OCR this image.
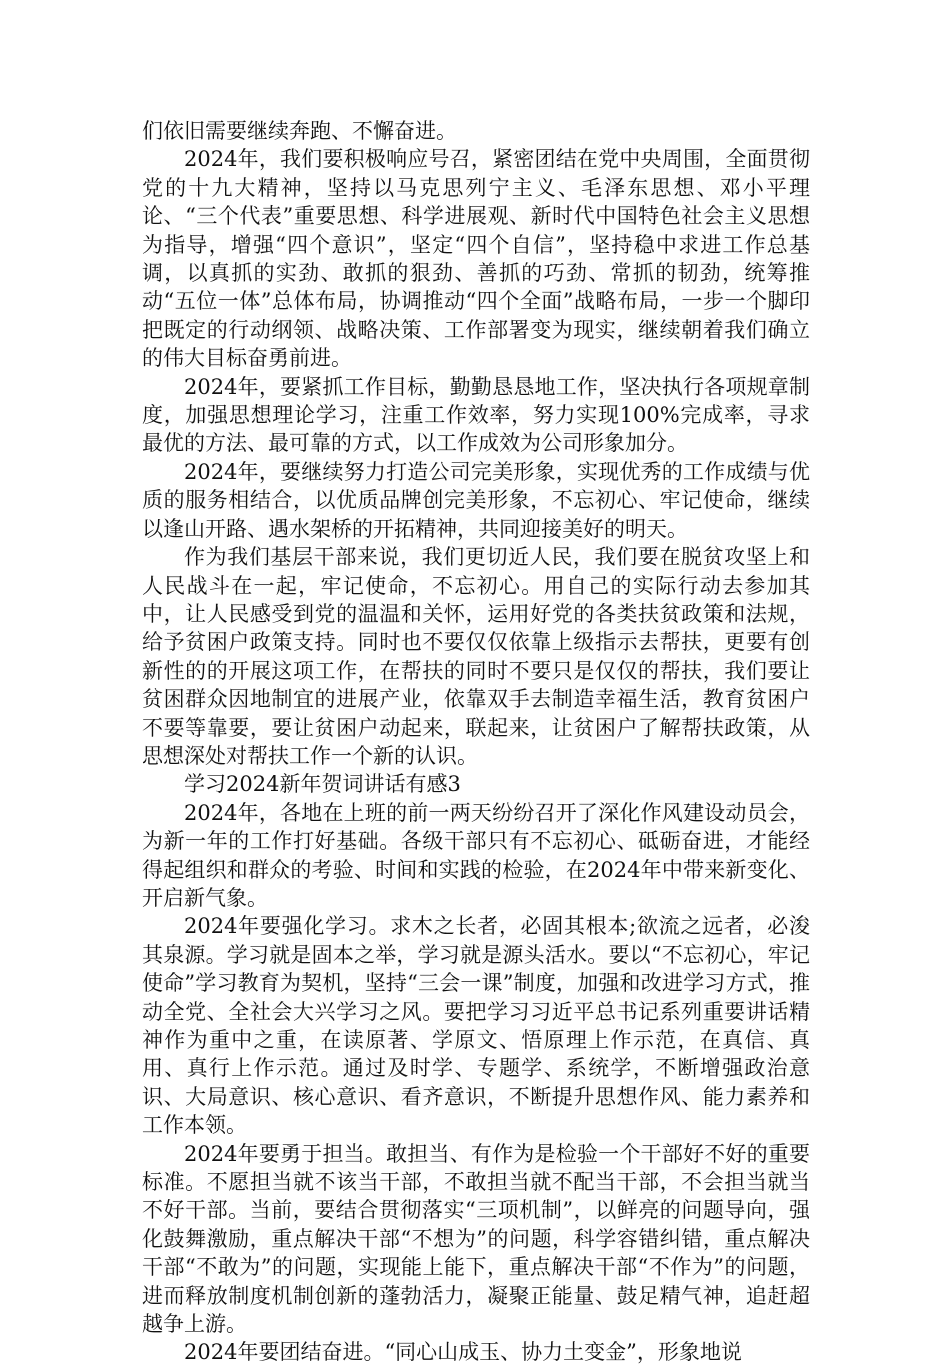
们依旧需要继续奔跑、不懈奋进。

2024年，我们要积极响应号召，紧密团结在党中央周围，全面贯彻党的十九大精神，坚持以马克思列宁主义、毛泽东思想、邓小平理论、“三个代表”重要思想、科学进展观、新时代中国特色社会主义思想为指导，增强“四个意识”，坚定“四个自信”，坚持稳中求进工作总基调，以真抓的实劲、敢抓的狠劲、善抓的巧劲、常抓的韧劲，统筹推动“五位一体”总体布局，协调推动“四个全面”战略布局，一步一个脚印把既定的行动纲领、战略决策、工作部署变为现实，继续朝着我们确立的伟大目标奋勇前进。

2024年，要紧抓工作目标，勤勤恳恳地工作，坚决执行各项规章制度，加强思想理论学习，注重工作效率，努力实现100%完成率，寻求最优的方法、最可靠的方式，以工作成效为公司形象加分。

2024年，要继续努力打造公司完美形象，实现优秀的工作成绩与优质的服务相结合，以优质品牌创完美形象，不忘初心、牢记使命，继续以逢山开路、遇水架桥的开拓精神，共同迎接美好的明天。

作为我们基层干部来说，我们更切近人民，我们要在脱贫攻坚上和人民战斗在一起，牢记使命，不忘初心。用自己的实际行动去参加其中，让人民感受到党的温温和关怀，运用好党的各类扶贫政策和法规，给予贫困户政策支持。同时也不要仅仅依靠上级指示去帮扶，更要有创新性的的开展这项工作，在帮扶的同时不要只是仅仅的帮扶，我们要让贫困群众因地制宜的进展产业，依靠双手去制造幸福生活，教育贫困户不要等靠要，要让贫困户动起来，联起来，让贫困户了解帮扶政策，从思想深处对帮扶工作一个新的认识。

学习2024新年贺词讲话有感3

2024年，各地在上班的前一两天纷纷召开了深化作风建设动员会，为新一年的工作打好基础。各级干部只有不忘初心、砥砺奋进，才能经得起组织和群众的考验、时间和实践的检验，在2024年中带来新变化、开启新气象。

2024年要强化学习。求木之长者，必固其根本;欲流之远者，必浚其泉源。学习就是固本之举，学习就是源头活水。要以“不忘初心，牢记使命”学习教育为契机，坚持“三会一课”制度，加强和改进学习方式，推动全党、全社会大兴学习之风。要把学习习近平总书记系列重要讲话精神作为重中之重，在读原著、学原文、悟原理上作示范，在真信、真用、真行上作示范。通过及时学、专题学、系统学，不断增强政治意识、大局意识、核心意识、看齐意识，不断提升思想作风、能力素养和工作本领。

2024年要勇于担当。敢担当、有作为是检验一个干部好不好的重要标准。不愿担当就不该当干部，不敢担当就不配当干部，不会担当就当不好干部。当前，要结合贯彻落实“三项机制”，以鲜亮的问题导向，强化鼓舞激励，重点解决干部“不想为”的问题，科学容错纠错，重点解决干部“不敢为”的问题，实现能上能下，重点解决干部“不作为”的问题，进而释放制度机制创新的蓬勃活力，凝聚正能量、鼓足精气神，追赶超越争上游。

2024年要团结奋进。“同心山成玉、协力土变金”，形象地说
